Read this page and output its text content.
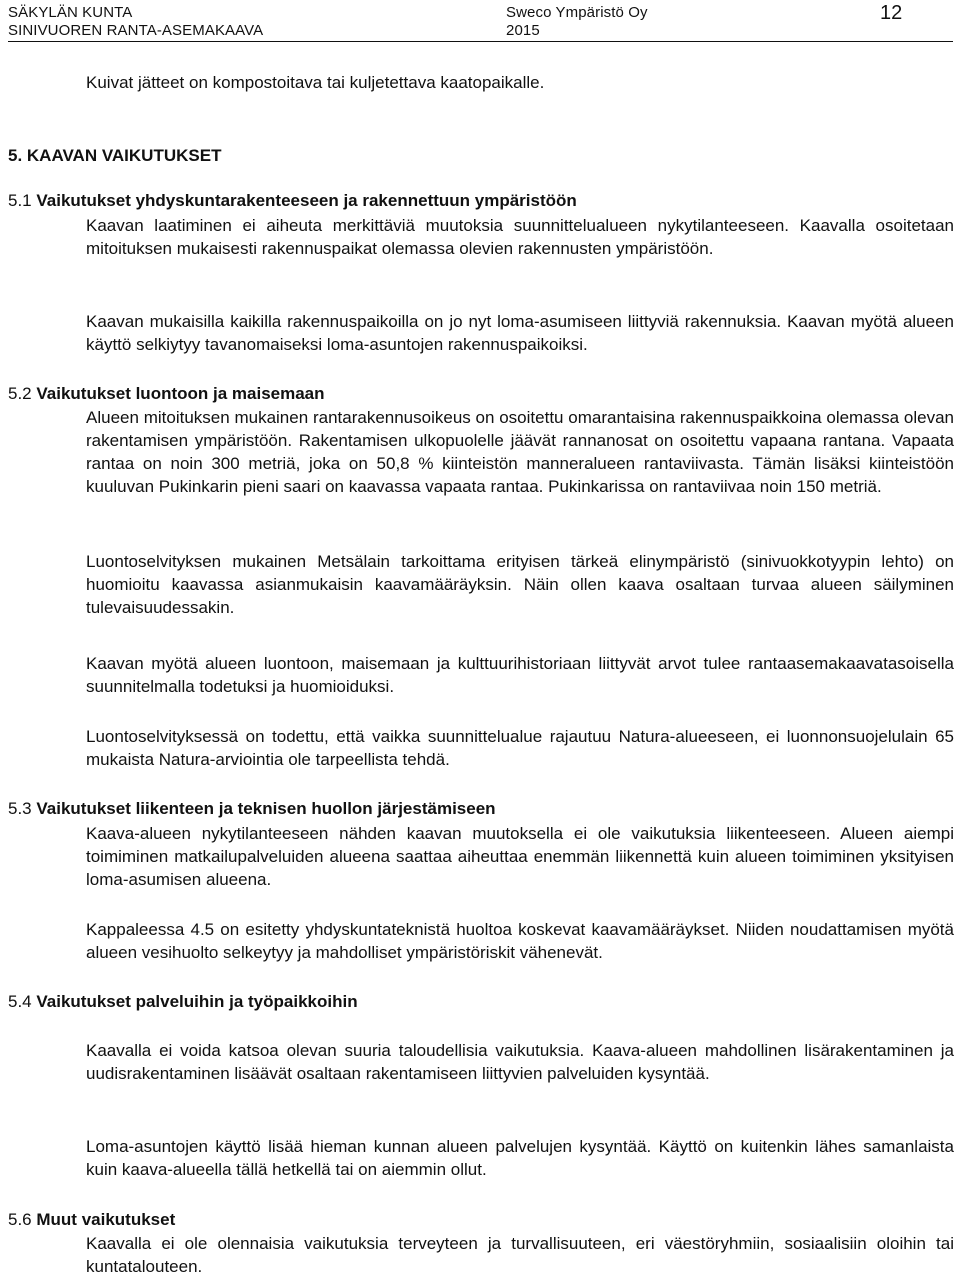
SÄKYLÄN KUNTA
SINIVUOREN RANTA-ASEMAKAAVA
Sweco Ympäristö Oy
2015
12

Kuivat jätteet on kompostoitava tai kuljetettava kaatopaikalle.

5. KAAVAN VAIKUTUKSET
5.1 Vaikutukset yhdyskuntarakenteeseen ja rakennettuun ympäristöön

Kaavan laatiminen ei aiheuta merkittäviä muutoksia suunnittelualueen nykytilanteeseen. Kaavalla osoitetaan mitoituksen mukaisesti rakennuspaikat olemassa olevien rakennusten ympäristöön.

Kaavan mukaisilla kaikilla rakennuspaikoilla on jo nyt loma-asumiseen liittyviä rakennuksia. Kaavan myötä alueen käyttö selkiytyy tavanomaiseksi loma-asuntojen rakennuspaikoiksi.

5.2 Vaikutukset luontoon ja maisemaan

Alueen mitoituksen mukainen rantarakennusoikeus on osoitettu omarantaisina rakennuspaikkoina olemassa olevan rakentamisen ympäristöön. Rakentamisen ulkopuolelle jäävät rannanosat on osoitettu vapaana rantana. Vapaata rantaa on noin 300 metriä, joka on 50,8 % kiinteistön manneralueen rantaviivasta. Tämän lisäksi kiinteistöön kuuluvan Pukinkarin pieni saari on kaavassa vapaata rantaa. Pukinkarissa on rantaviivaa noin 150 metriä.

Luontoselvityksen mukainen Metsälain tarkoittama erityisen tärkeä elinympäristö (sinivuokkotyypin lehto) on huomioitu kaavassa asianmukaisin kaavamääräyksin. Näin ollen kaava osaltaan turvaa alueen säilyminen tulevaisuudessakin.

Kaavan myötä alueen luontoon, maisemaan ja kulttuurihistoriaan liittyvät arvot tulee rantaasemakaavatasoisella suunnitelmalla todetuksi ja huomioiduksi.

Luontoselvityksessä on todettu, että vaikka suunnittelualue rajautuu Natura-alueeseen, ei luonnonsuojelulain 65 mukaista Natura-arviointia ole tarpeellista tehdä.

5.3 Vaikutukset liikenteen ja teknisen huollon järjestämiseen

Kaava-alueen nykytilanteeseen nähden kaavan muutoksella ei ole vaikutuksia liikenteeseen. Alueen aiempi toimiminen matkailupalveluiden alueena saattaa aiheuttaa enemmän liikennettä kuin alueen toimiminen yksityisen loma-asumisen alueena.

Kappaleessa 4.5 on esitetty yhdyskuntateknistä huoltoa koskevat kaavamääräykset. Niiden noudattamisen myötä alueen vesihuolto selkeytyy ja mahdolliset ympäristöriskit vähenevät.

5.4 Vaikutukset palveluihin ja työpaikkoihin

Kaavalla ei voida katsoa olevan suuria taloudellisia vaikutuksia. Kaava-alueen mahdollinen lisärakentaminen ja uudisrakentaminen lisäävät osaltaan rakentamiseen liittyvien palveluiden kysyntää.

Loma-asuntojen käyttö lisää hieman kunnan alueen palvelujen kysyntää. Käyttö on kuitenkin lähes samanlaista kuin kaava-alueella tällä hetkellä tai on aiemmin ollut.

5.6 Muut vaikutukset

Kaavalla ei ole olennaisia vaikutuksia terveyteen ja turvallisuuteen, eri väestöryhmiin, sosiaalisiin oloihin tai kuntatalouteen.
